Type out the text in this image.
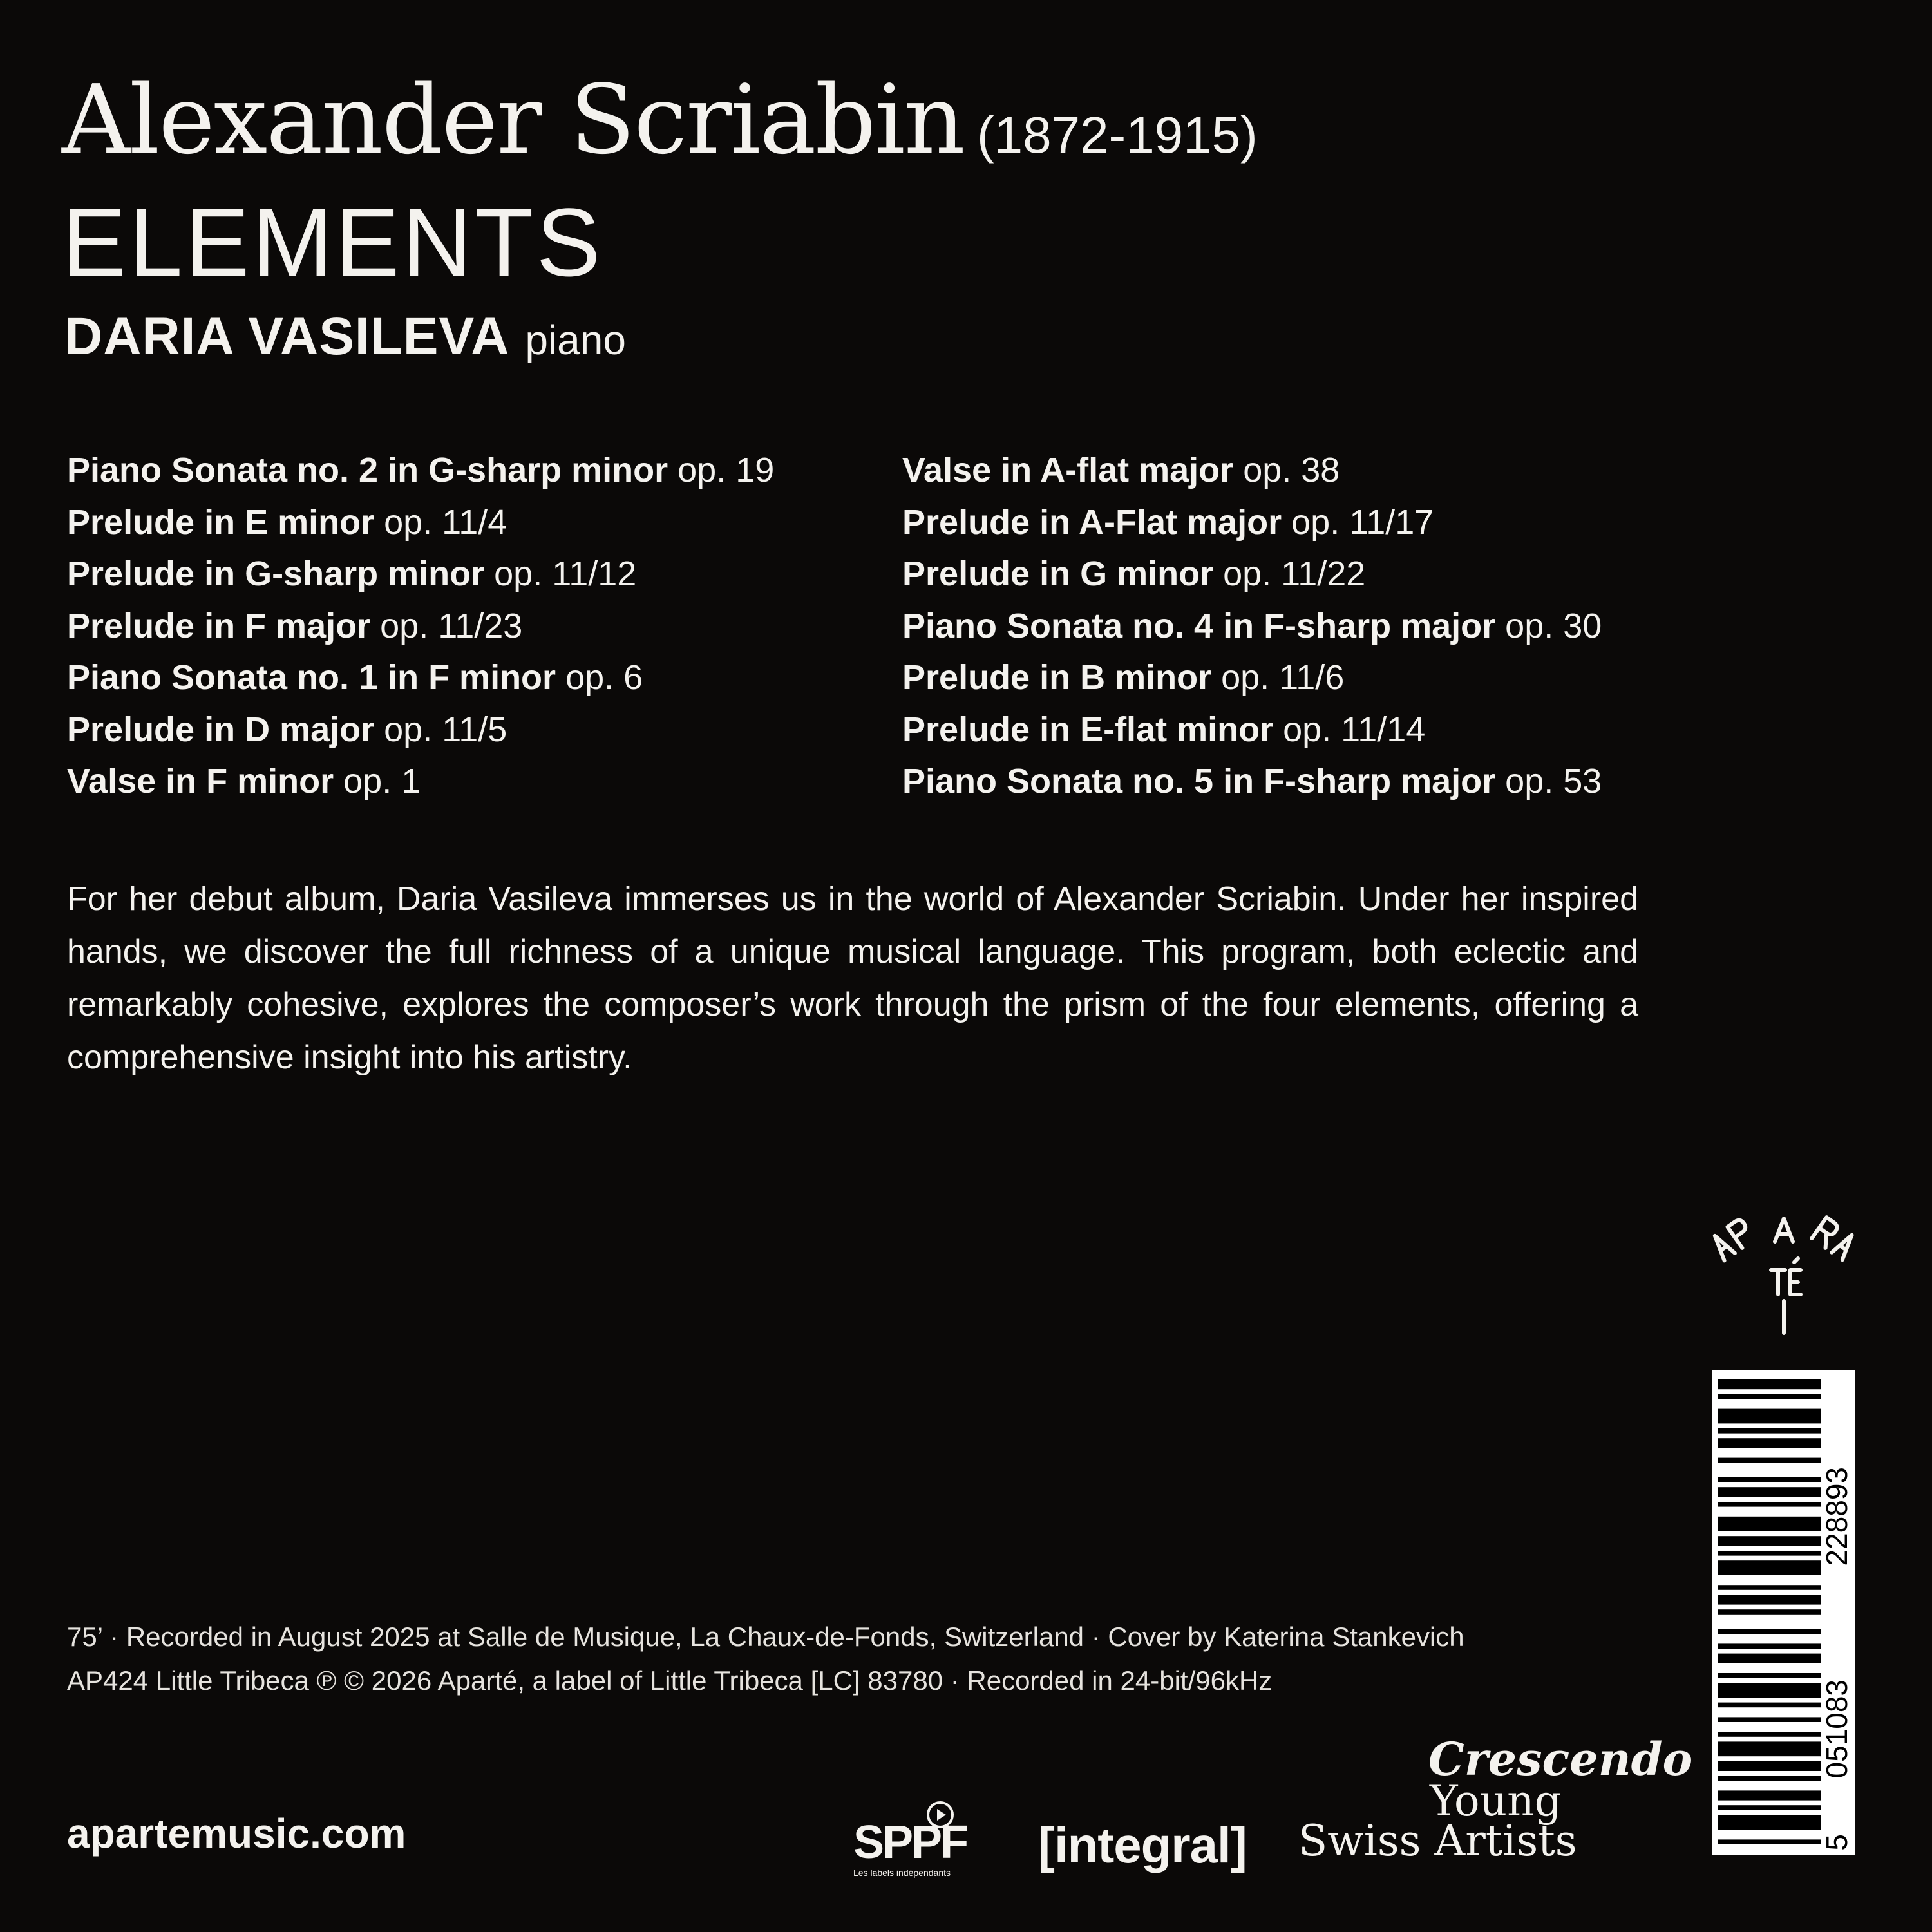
Alexander Scriabin (1872-1915)
ELEMENTS
DARIA VASILEVA piano
Piano Sonata no. 2 in G-sharp minor op. 19
Prelude in E minor op. 11/4
Prelude in G-sharp minor op. 11/12
Prelude in F major op. 11/23
Piano Sonata no. 1 in F minor op. 6
Prelude in D major op. 11/5
Valse in F minor op. 1
Valse in A-flat major op. 38
Prelude in A-Flat major op. 11/17
Prelude in G minor op. 11/22
Piano Sonata no. 4 in F-sharp major op. 30
Prelude in B minor op. 11/6
Prelude in E-flat minor op. 11/14
Piano Sonata no. 5 in F-sharp major op. 53
For her debut album, Daria Vasileva immerses us in the world of Alexander Scriabin. Under her inspired hands, we discover the full richness of a unique musical language. This program, both eclectic and remarkably cohesive, explores the composer’s work through the prism of the four elements, offering a comprehensive insight into his artistry.
228893
051083
5
75’ · Recorded in August 2025 at Salle de Musique, La Chaux-de-Fonds, Switzerland · Cover by Katerina Stankevich
AP424 Little Tribeca ℗ © 2026 Aparté, a label of Little Tribeca [LC] 83780 · Recorded in 24-bit/96kHz
apartemusic.com	SPPF
Les labels indépendants	[integral]
Crescendo
Young
Swiss Artists
